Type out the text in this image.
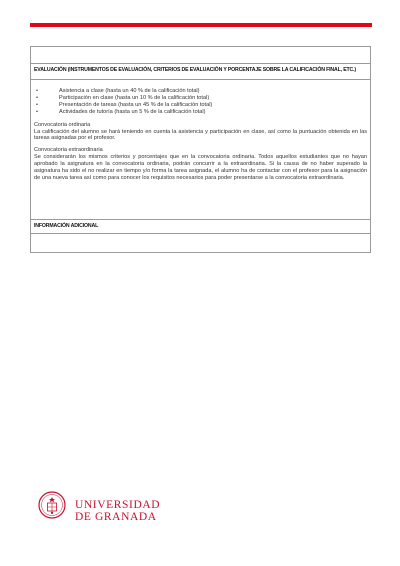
EVALUACIÓN (INSTRUMENTOS DE EVALUACIÓN, CRITERIOS DE EVALUACIÓN Y PORCENTAJE SOBRE LA CALIFICACIÓN FINAL, ETC.)
• Asistencia a clase (hasta un 40 % de la calificación total)
• Participación en clase (hasta un 10 % de la calificación total)
• Presentación de tareas (hasta un 45 % de la calificación total)
• Actividades de tutoría (hasta un 5 % de la calificación total)

Convocatoria ordinaria

La calificación del alumno se hará teniendo en cuenta la asistencia y participación en clase, así como la puntuación obtenida en las tareas asignadas por el profesor.

Convocatoria extraordinaria

Se considerarán los mismos criterios y porcentajes que en la convocatoria ordinaria. Todos aquellos estudiantes que no hayan aprobado la asignatura en la convocatoria ordinaria, podrán concurrir a la extraordinaria. Si la causa de no haber superado la asignatura ha sido el no realizar en tiempo y/o forma la tarea asignada, el alumno ha de contactar con el profesor para la asignación de una nueva tarea así como para conocer los requisitos necesarios para poder presentarse a la convocatoria extraordinaria.

INFORMACIÓN ADICIONAL
UNIVERSIDAD
DE GRANADA
